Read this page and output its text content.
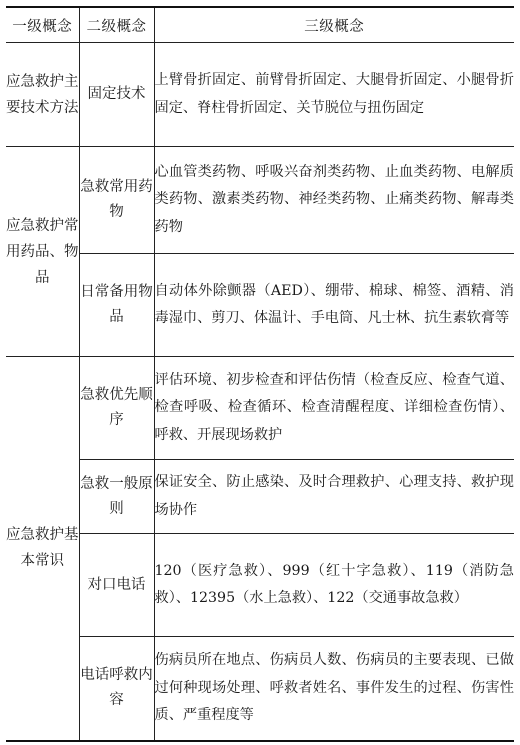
一级概念	二级概念	三级概念
应急救护主要技术方法	固定技术	上臂骨折固定、前臂骨折固定、大腿骨折固定、小腿骨折固定、脊柱骨折固定、关节脱位与扭伤固定
应急救护常用药品、物品	急救常用药物	心血管类药物、呼吸兴奋剂类药物、止血类药物、电解质类药物、激素类药物、神经类药物、止痛类药物、解毒类药物
	日常备用物品	自动体外除颤器（AED）、绷带、棉球、棉签、酒精、消毒湿巾、剪刀、体温计、手电筒、凡士林、抗生素软膏等
应急救护基本常识	急救优先顺序	评估环境、初步检查和评估伤情（检查反应、检查气道、检查呼吸、检查循环、检查清醒程度、详细检查伤情）、呼救、开展现场救护
	急救一般原则	保证安全、防止感染、及时合理救护、心理支持、救护现场协作
	对口电话	120（医疗急救）、999（红十字急救）、119（消防急救）、12395（水上急救）、122（交通事故急救）
	电话呼救内容	伤病员所在地点、伤病员人数、伤病员的主要表现、已做过何种现场处理、呼救者姓名、事件发生的过程、伤害性质、严重程度等
